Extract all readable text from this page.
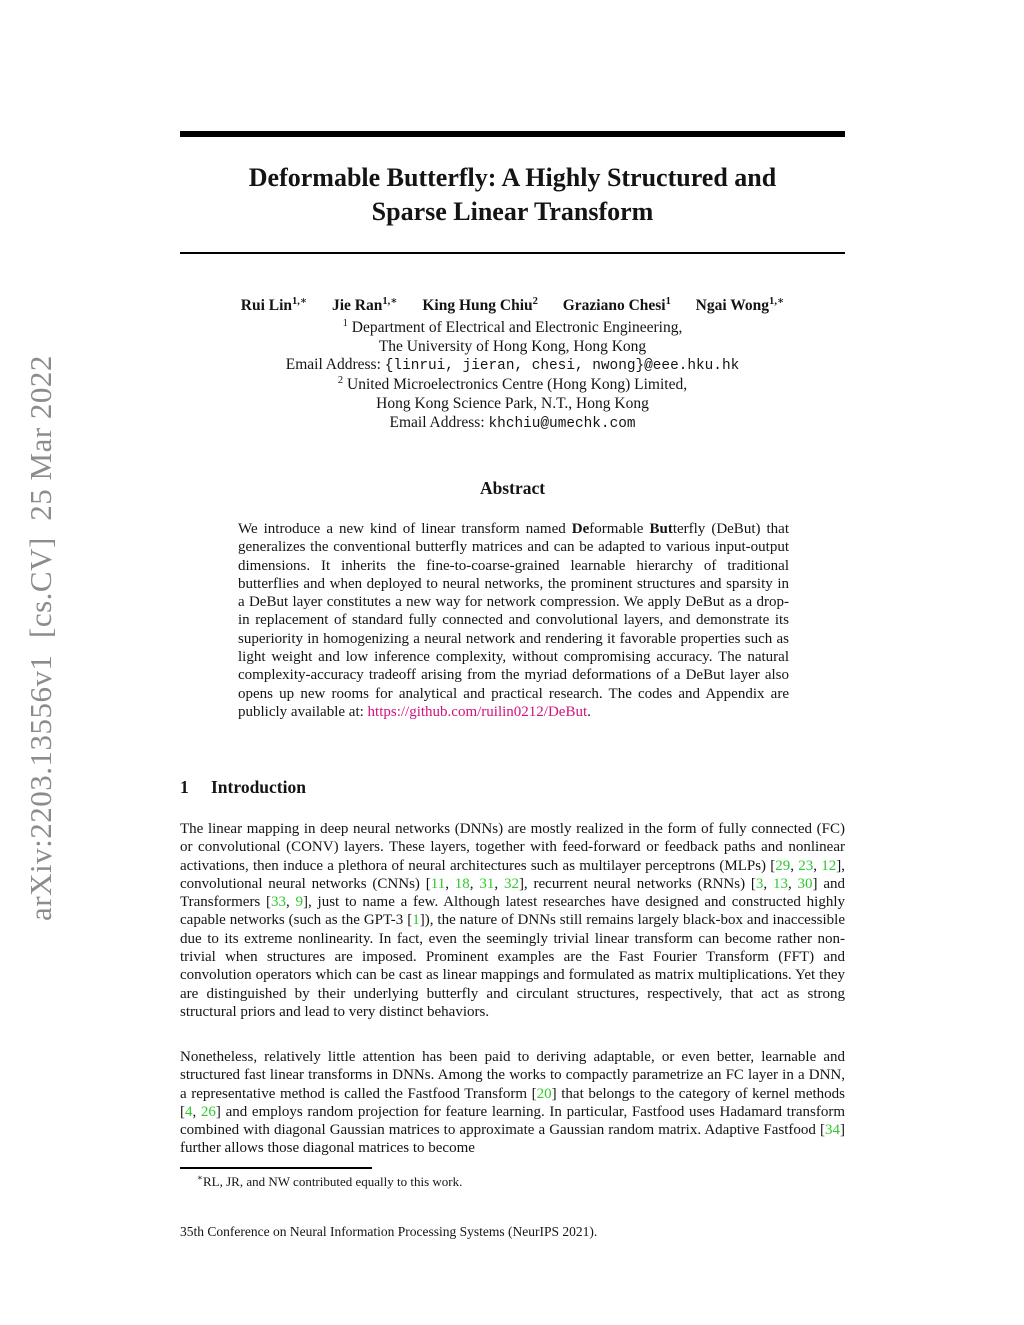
arXiv:2203.13556v1  [cs.CV]  25 Mar 2022
Deformable Butterfly: A Highly Structured and
Sparse Linear Transform
Rui Lin$^{1,∗}$ Jie Ran$^{1,∗}$ King Hung Chiu$^2$ Graziano Chesi$^1$ Ngai Wong$^{1,∗}$
$^1$ Department of Electrical and Electronic Engineering,
The University of Hong Kong, Hong Kong
Email Address: {linrui, jieran, chesi, nwong}@eee.hku.hk
$^2$ United Microelectronics Centre (Hong Kong) Limited,
Hong Kong Science Park, N.T., Hong Kong
Email Address: khchiu@umechk.com
Abstract
We introduce a new kind of linear transform named Deformable Butterfly (DeBut) that generalizes the conventional butterfly matrices and can be adapted to various input-output dimensions. It inherits the fine-to-coarse-grained learnable hierarchy of traditional butterflies and when deployed to neural networks, the prominent structures and sparsity in a DeBut layer constitutes a new way for network compression. We apply DeBut as a drop-in replacement of standard fully connected and convolutional layers, and demonstrate its superiority in homogenizing a neural network and rendering it favorable properties such as light weight and low inference complexity, without compromising accuracy. The natural complexity-accuracy tradeoff arising from the myriad deformations of a DeBut layer also opens up new rooms for analytical and practical research. The codes and Appendix are publicly available at: https://github.com/ruilin0212/DeBut.
1 Introduction
The linear mapping in deep neural networks (DNNs) are mostly realized in the form of fully connected (FC) or convolutional (CONV) layers. These layers, together with feed-forward or feedback paths and nonlinear activations, then induce a plethora of neural architectures such as multilayer perceptrons (MLPs) [29, 23, 12], convolutional neural networks (CNNs) [11, 18, 31, 32], recurrent neural networks (RNNs) [3, 13, 30] and Transformers [33, 9], just to name a few. Although latest researches have designed and constructed highly capable networks (such as the GPT-3 [1]), the nature of DNNs still remains largely black-box and inaccessible due to its extreme nonlinearity. In fact, even the seemingly trivial linear transform can become rather non-trivial when structures are imposed. Prominent examples are the Fast Fourier Transform (FFT) and convolution operators which can be cast as linear mappings and formulated as matrix multiplications. Yet they are distinguished by their underlying butterfly and circulant structures, respectively, that act as strong structural priors and lead to very distinct behaviors.
Nonetheless, relatively little attention has been paid to deriving adaptable, or even better, learnable and structured fast linear transforms in DNNs. Among the works to compactly parametrize an FC layer in a DNN, a representative method is called the Fastfood Transform [20] that belongs to the category of kernel methods [4, 26] and employs random projection for feature learning. In particular, Fastfood uses Hadamard transform combined with diagonal Gaussian matrices to approximate a Gaussian random matrix. Adaptive Fastfood [34] further allows those diagonal matrices to become
∗RL, JR, and NW contributed equally to this work.
35th Conference on Neural Information Processing Systems (NeurIPS 2021).
